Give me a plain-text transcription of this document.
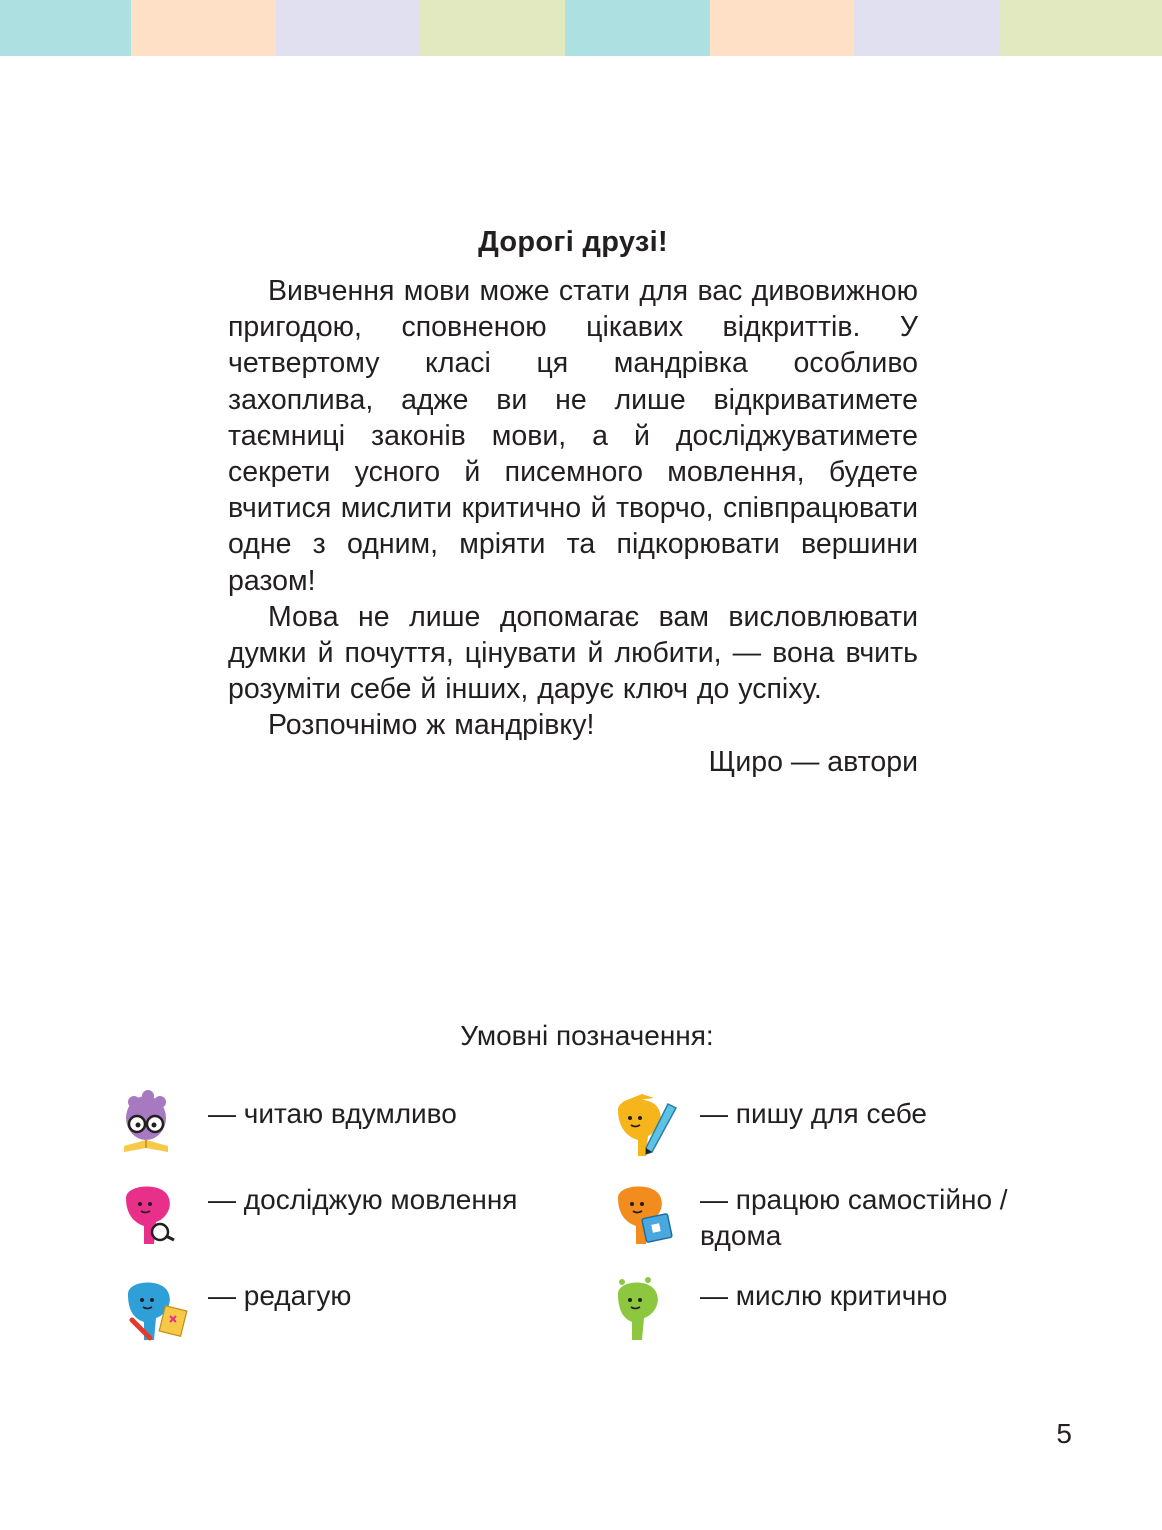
Дорогі друзі!

Вивчення мови може стати для вас дивовижною пригодою, сповненою цікавих відкриттів. У четвертому класі ця мандрівка особливо захоплива, адже ви не лише відкриватимете таємниці законів мови, а й досліджуватимете секрети усного й писемного мовлення, будете вчитися мислити критично й творчо, співпрацювати одне з одним, мріяти та підкорювати вершини разом!

Мова не лише допомагає вам висловлювати думки й почуття, цінувати й любити, — вона вчить розуміти себе й інших, дарує ключ до успіху.

Розпочнімо ж мандрівку!

Щиро — автори

Умовні позначення:
— читаю вдумливо	— пишу для себе
— досліджую мовлення	— працюю самостійно / вдома
— редагую	— мислю критично
5
